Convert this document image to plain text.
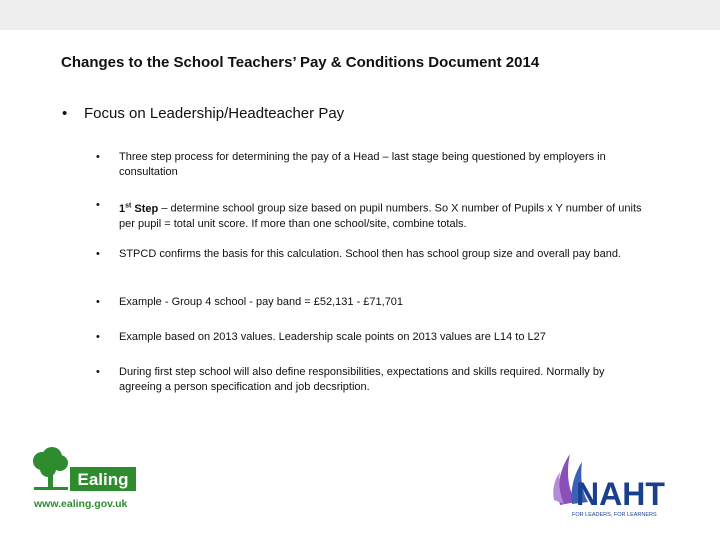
Changes to the School Teachers’ Pay & Conditions Document 2014
• Focus on Leadership/Headteacher Pay
• Three step process for determining the pay of a Head – last stage being questioned by employers in consultation
• 1st Step – determine school group size based on pupil numbers. So X number of Pupils x Y number of units per pupil = total unit score. If more than one school/site, combine totals.
• STPCD confirms the basis for this calculation. School then has school group size and overall pay band.
• Example - Group 4 school - pay band = £52,131 - £71,701
• Example based on 2013 values. Leadership scale points on 2013 values are L14 to L27
• During first step school will also define responsibilities, expectations and skills required. Normally by agreeing a person specification and job decsription.
Ealing
www.ealing.gov.uk	NAHT
FOR LEADERS, FOR LEARNERS
